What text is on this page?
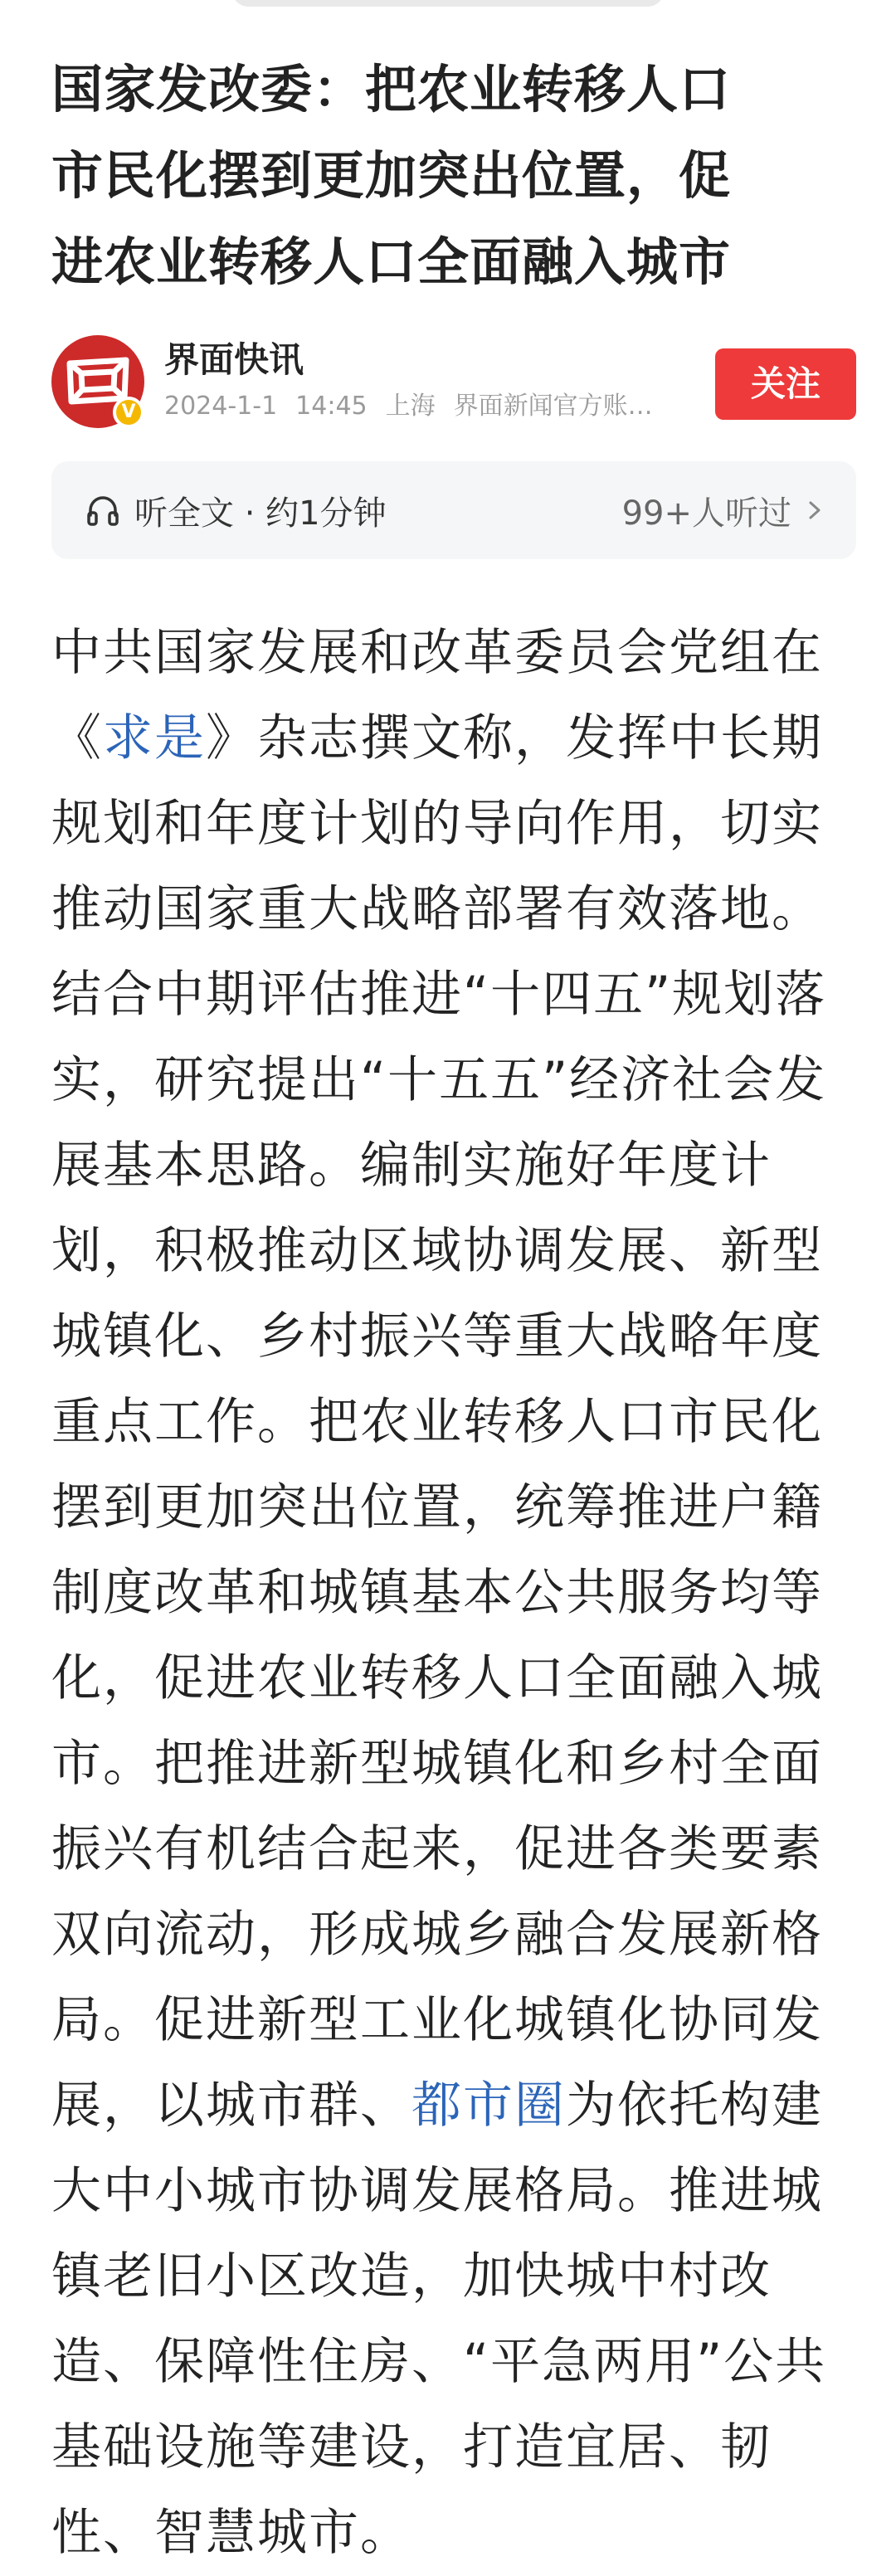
国家发改委：把农业转移人口
市民化摆到更加突出位置，促
进农业转移人口全面融入城市
V
界面快讯
2024-1-1 14:45 上海 界面新闻官方账…
关注
听全文 · 约1分钟	99+人听过
中共国家发展和改革委员会党组在
《求是》杂志撰文称，发挥中长期
规划和年度计划的导向作用，切实
推动国家重大战略部署有效落地。
结合中期评估推进“十四五”规划落
实，研究提出“十五五”经济社会发
展基本思路。编制实施好年度计
划，积极推动区域协调发展、新型
城镇化、乡村振兴等重大战略年度
重点工作。把农业转移人口市民化
摆到更加突出位置，统筹推进户籍
制度改革和城镇基本公共服务均等
化，促进农业转移人口全面融入城
市。把推进新型城镇化和乡村全面
振兴有机结合起来，促进各类要素
双向流动，形成城乡融合发展新格
局。促进新型工业化城镇化协同发
展，以城市群、都市圈为依托构建
大中小城市协调发展格局。推进城
镇老旧小区改造，加快城中村改
造、保障性住房、“平急两用”公共
基础设施等建设，打造宜居、韧
性、智慧城市。
